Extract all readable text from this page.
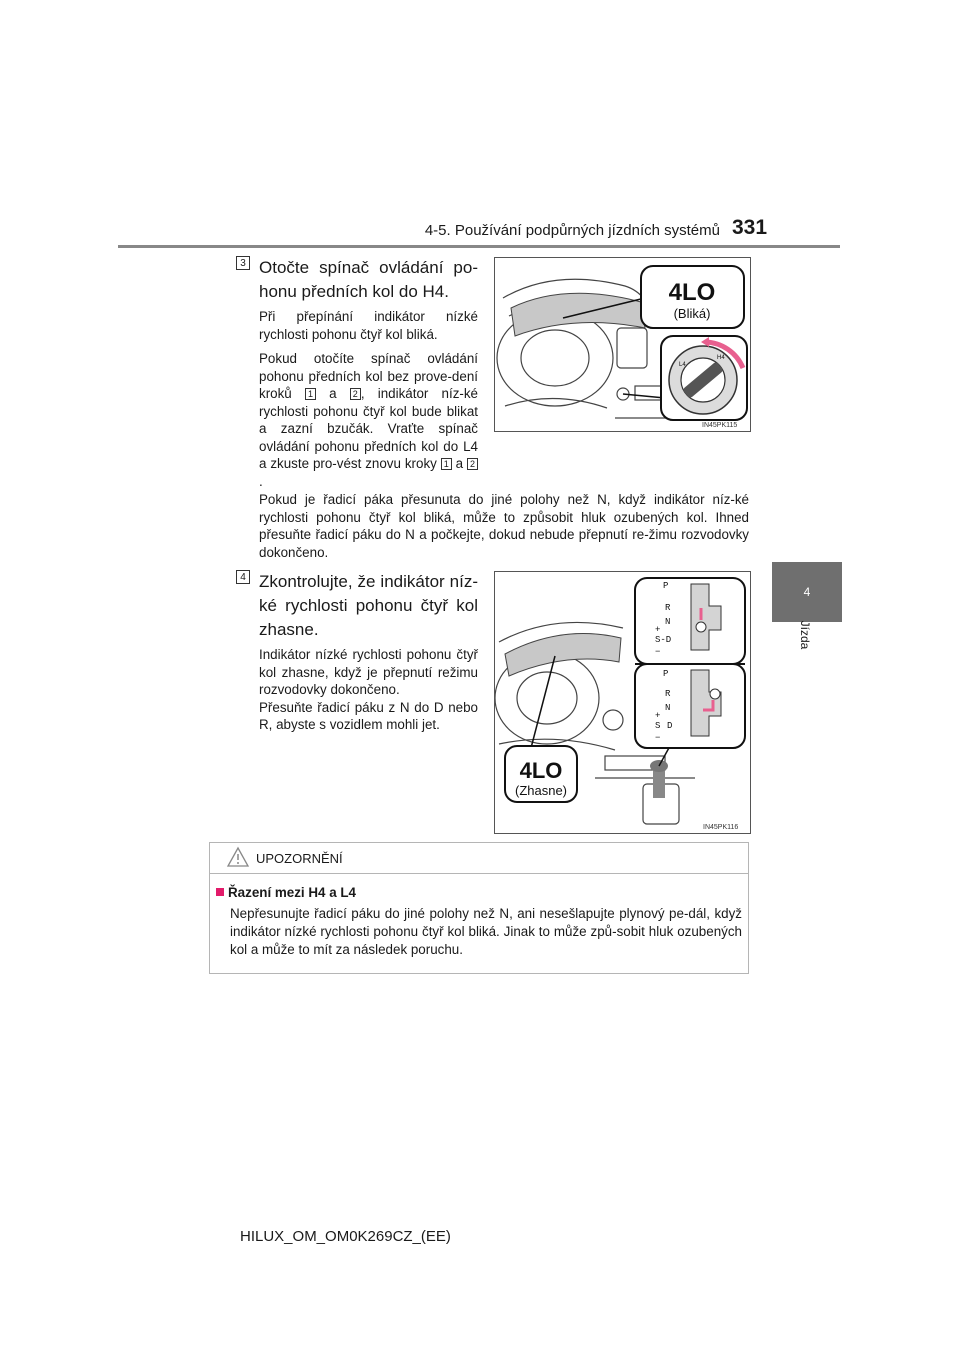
4-5. Používání podpůrných jízdních systémů 331
4
Jízda
3 Otočte spínač ovládání po-honu předních kol do H4.

Při přepínání indikátor nízké rychlosti pohonu čtyř kol bliká.

Pokud otočíte spínač ovládání pohonu předních kol bez prove-dení kroků 1 a 2 , indikátor níz-ké rychlosti pohonu čtyř kol bude blikat a zazní bzučák. Vraťte spínač ovládání pohonu předních kol do L4 a zkuste pro-vést znovu kroky 1 a 2.

Pokud je řadicí páka přesunuta do jiné polohy než N, když indikátor níz-ké rychlosti pohonu čtyř kol bliká, může to způsobit hluk ozubených kol. Ihned přesuňte řadicí páku do N a počkejte, dokud nebude přepnutí re-žimu rozvodovky dokončeno.
4LO
(Bliká)
H4
L4
IN45PK115
4 Zkontrolujte, že indikátor níz-ké rychlosti pohonu čtyř kol zhasne.

Indikátor nízké rychlosti pohonu čtyř kol zhasne, když je přepnutí režimu rozvodovky dokončeno.

Přesuňte řadicí páku z N do D nebo R, abyste s vozidlem mohli jet.

P
R
N
+
S-D
−
P
R
N
+
S D
−
4LO
(Zhasne)
IN45PK116
UPOZORNĚNÍ
Řazení mezi H4 a L4
Nepřesunujte řadicí páku do jiné polohy než N, ani nesešlapujte plynový pe-dál, když indikátor nízké rychlosti pohonu čtyř kol bliká. Jinak to může způ-sobit hluk ozubených kol a může to mít za následek poruchu.
HILUX_OM_OM0K269CZ_(EE)
